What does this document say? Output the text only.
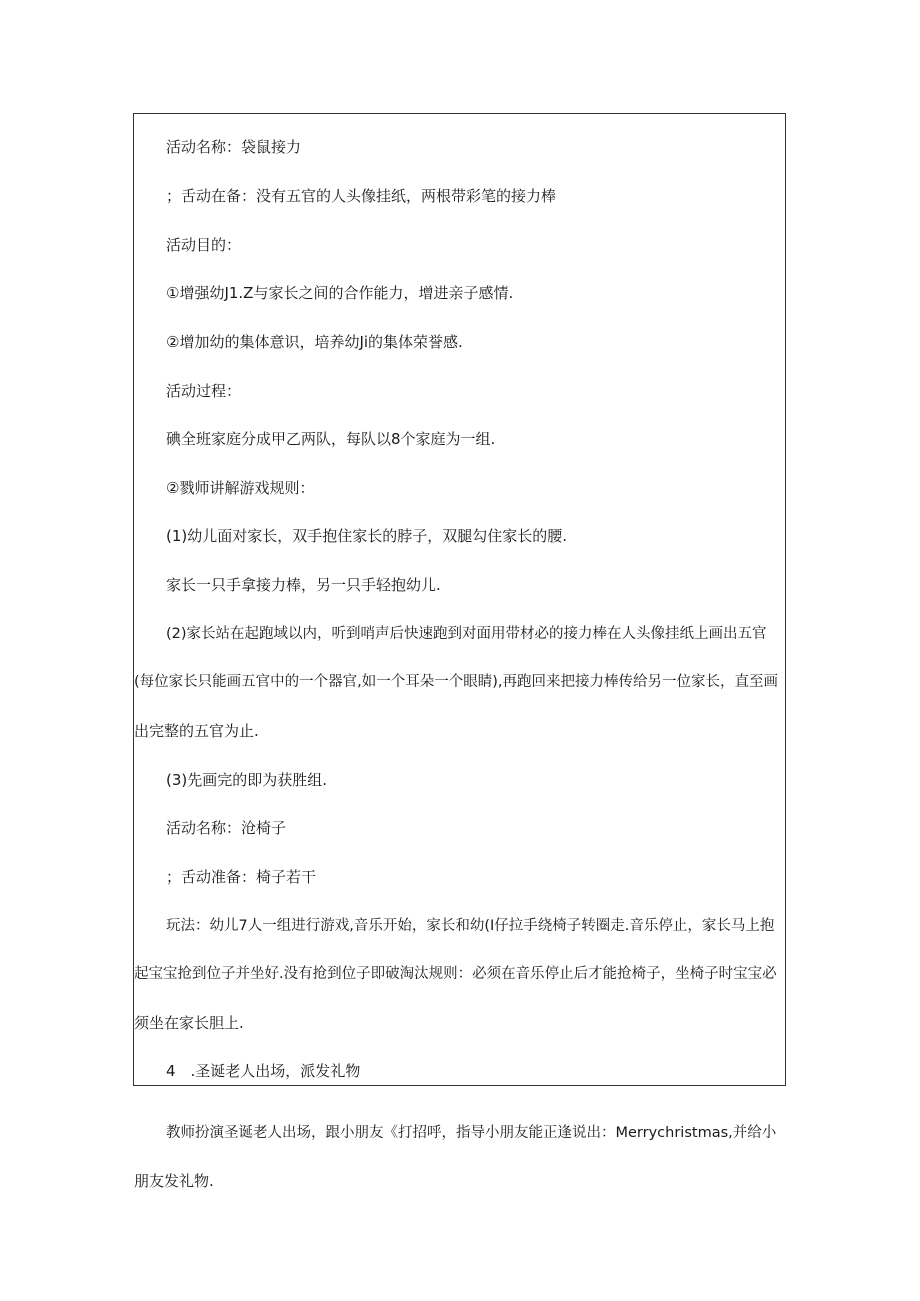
活动名称：袋鼠接力
；舌动在备：没有五官的人头像挂纸，两根带彩笔的接力棒
活动目的：
①增强幼J1.Z与家长之间的合作能力，增进亲子感情.
②增加幼的集体意识，培养幼Ji的集体荣誉感.
活动过程：
碘全班家庭分成甲乙两队，每队以8个家庭为一组.
②戮师讲解游戏规则：
(1)幼儿面对家长，双手抱住家长的脖子，双腿勾住家长的腰.
家长一只手拿接力棒，另一只手轻抱幼儿.
(2)家长站在起跑域以内，听到哨声后快速跑到对面用带材必的接力棒在人头像挂纸上画出五官
(每位家长只能画五官中的一个器官,如一个耳朵一个眼睛),再跑回来把接力棒传给另一位家长，直至画
出完整的五官为止.
(3)先画完的即为获胜组.
活动名称：沧椅子
；舌动准备：椅子若干
玩法：幼儿7人一组进行游戏,音乐开始，家长和幼(I仔拉手绕椅子转圈走.音乐停止，家长马上抱
起宝宝抢到位子并坐好.没有抢到位子即破淘汰规则：必须在音乐停止后才能抢椅子，坐椅子时宝宝必
须坐在家长胆上.
4　.圣诞老人出场，派发礼物
教师扮演圣诞老人出场，跟小朋友《打招呼，指导小朋友能正逢说出：Merrychristmas,并给小
朋友发礼物.
